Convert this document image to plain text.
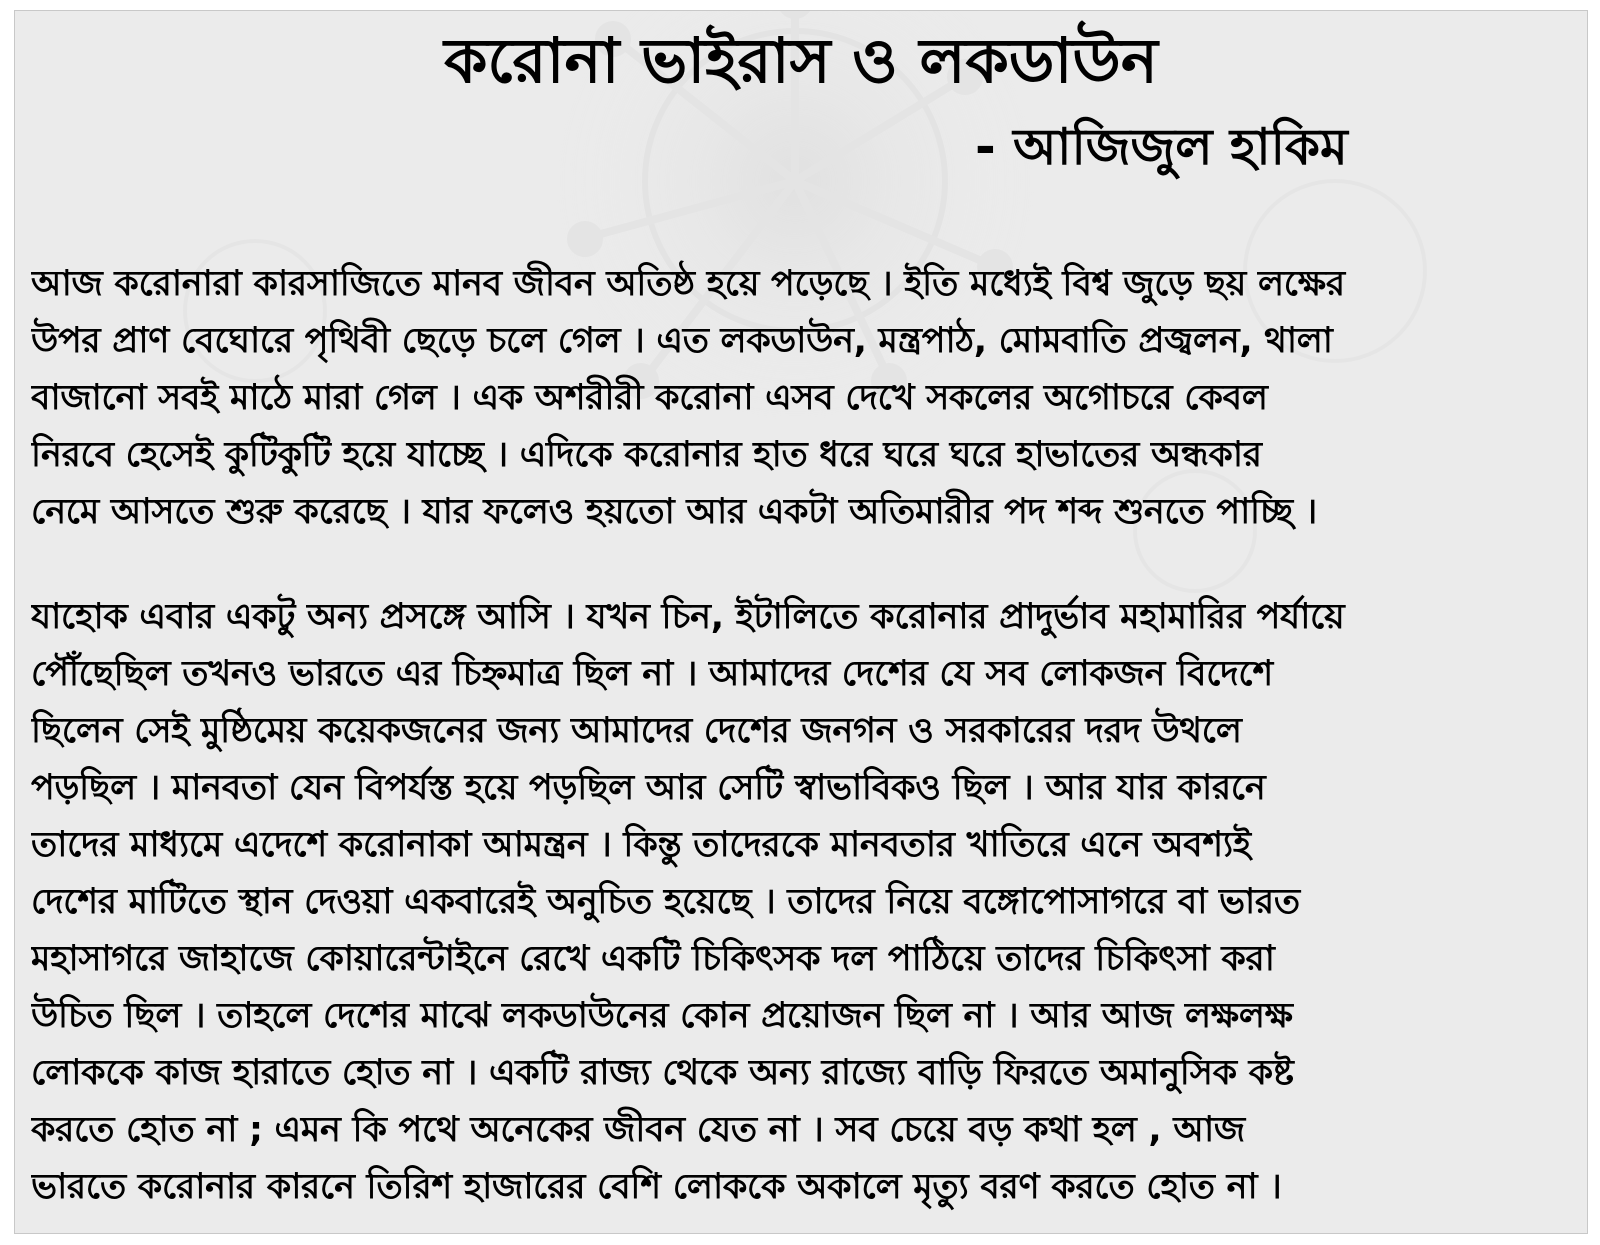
করোনা ভাইরাস ও লকডাউন
- আজিজুল হাকিম
আজ করোনারা কারসাজিতে মানব জীবন অতিষ্ঠ হয়ে পড়েছে । ইতি মধ্যেই বিশ্ব জুড়ে ছয় লক্ষের
উপর প্রাণ বেঘোরে পৃথিবী ছেড়ে চলে গেল । এত লকডাউন, মন্ত্রপাঠ, মোমবাতি প্রজ্বলন, থালা
বাজানো সবই মাঠে মারা গেল । এক অশরীরী করোনা এসব দেখে সকলের অগোচরে কেবল
নিরবে হেসেই কুটিকুটি হয়ে যাচ্ছে । এদিকে করোনার হাত ধরে ঘরে ঘরে হাভাতের অন্ধকার
নেমে আসতে শুরু করেছে । যার ফলেও হয়তো আর একটা অতিমারীর পদ শব্দ শুনতে পাচ্ছি ।
যাহোক এবার একটু অন্য প্রসঙ্গে আসি । যখন চিন, ইটালিতে করোনার প্রাদুর্ভাব মহামারির পর্যায়ে
পৌঁছেছিল তখনও ভারতে এর চিহ্নমাত্র ছিল না । আমাদের দেশের যে সব লোকজন বিদেশে
ছিলেন সেই মুষ্ঠিমেয় কয়েকজনের জন্য আমাদের দেশের জনগন ও সরকারের দরদ উথলে
পড়ছিল । মানবতা যেন বিপর্যস্ত হয়ে পড়ছিল আর সেটি স্বাভাবিকও ছিল । আর যার কারনে
তাদের মাধ্যমে এদেশে করোনাকা আমন্ত্রন । কিন্তু তাদেরকে মানবতার খাতিরে এনে অবশ্যই
দেশের মাটিতে স্থান দেওয়া একবারেই অনুচিত হয়েছে । তাদের নিয়ে বঙ্গোপোসাগরে বা ভারত
মহাসাগরে জাহাজে কোয়ারেন্টাইনে রেখে একটি চিকিৎসক দল পাঠিয়ে তাদের চিকিৎসা করা
উচিত ছিল । তাহলে দেশের মাঝে লকডাউনের কোন প্রয়োজন ছিল না । আর আজ লক্ষলক্ষ
লোককে কাজ হারাতে হোত না । একটি রাজ্য থেকে অন্য রাজ্যে বাড়ি ফিরতে অমানুসিক কষ্ট
করতে হোত না ; এমন কি পথে অনেকের জীবন যেত না । সব চেয়ে বড় কথা হল , আজ
ভারতে করোনার কারনে তিরিশ হাজারের বেশি লোককে অকালে মৃত্যু বরণ করতে হোত না ।
